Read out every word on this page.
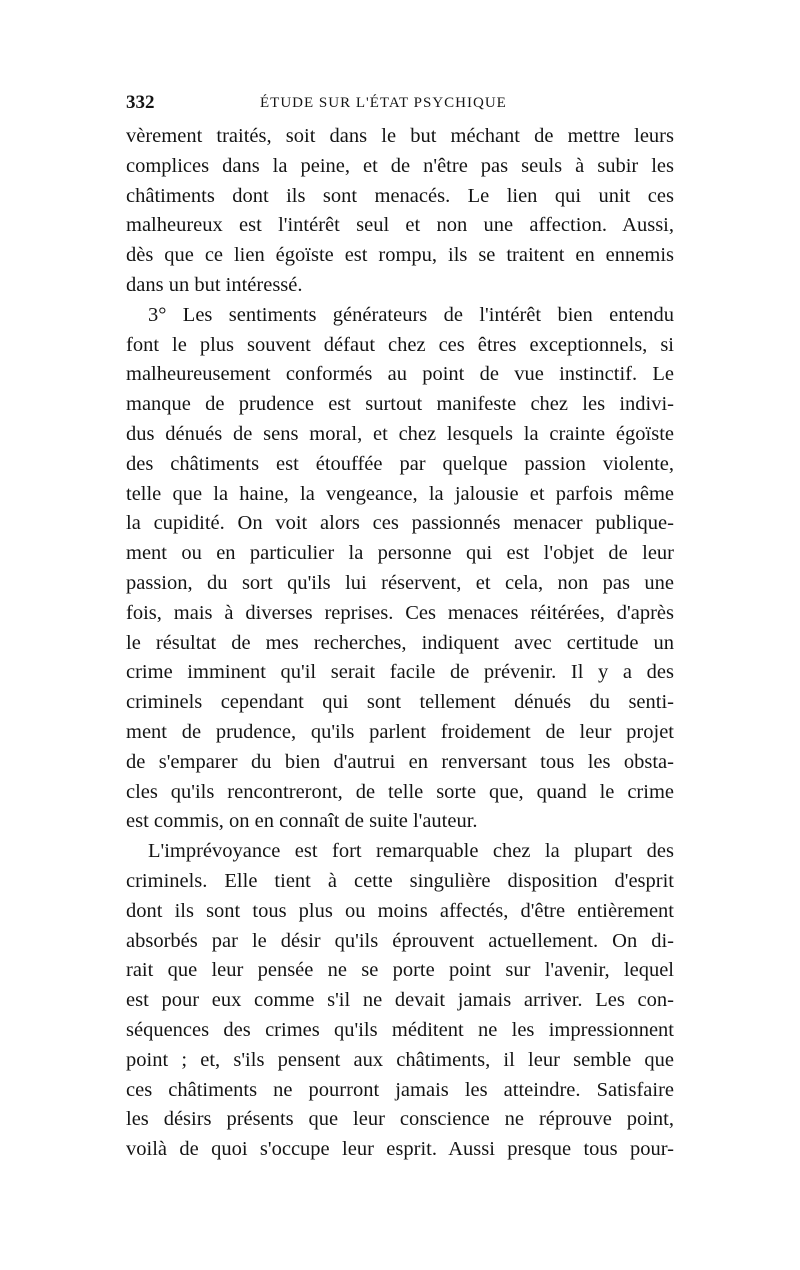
332	ÉTUDE SUR L'ÉTAT PSYCHIQUE
vèrement traités, soit dans le but méchant de mettre leurs
complices dans la peine, et de n'être pas seuls à subir les
châtiments dont ils sont menacés. Le lien qui unit ces
malheureux est l'intérêt seul et non une affection. Aussi,
dès que ce lien égoïste est rompu, ils se traitent en ennemis
dans un but intéressé.
3° Les sentiments générateurs de l'intérêt bien entendu
font le plus souvent défaut chez ces êtres exceptionnels, si
malheureusement conformés au point de vue instinctif. Le
manque de prudence est surtout manifeste chez les indivi-
dus dénués de sens moral, et chez lesquels la crainte égoïste
des châtiments est étouffée par quelque passion violente,
telle que la haine, la vengeance, la jalousie et parfois même
la cupidité. On voit alors ces passionnés menacer publique-
ment ou en particulier la personne qui est l'objet de leur
passion, du sort qu'ils lui réservent, et cela, non pas une
fois, mais à diverses reprises. Ces menaces réitérées, d'après
le résultat de mes recherches, indiquent avec certitude un
crime imminent qu'il serait facile de prévenir. Il y a des
criminels cependant qui sont tellement dénués du senti-
ment de prudence, qu'ils parlent froidement de leur projet
de s'emparer du bien d'autrui en renversant tous les obsta-
cles qu'ils rencontreront, de telle sorte que, quand le crime
est commis, on en connaît de suite l'auteur.
L'imprévoyance est fort remarquable chez la plupart des
criminels. Elle tient à cette singulière disposition d'esprit
dont ils sont tous plus ou moins affectés, d'être entièrement
absorbés par le désir qu'ils éprouvent actuellement. On di-
rait que leur pensée ne se porte point sur l'avenir, lequel
est pour eux comme s'il ne devait jamais arriver. Les con-
séquences des crimes qu'ils méditent ne les impressionnent
point ; et, s'ils pensent aux châtiments, il leur semble que
ces châtiments ne pourront jamais les atteindre. Satisfaire
les désirs présents que leur conscience ne réprouve point,
voilà de quoi s'occupe leur esprit. Aussi presque tous pour-
